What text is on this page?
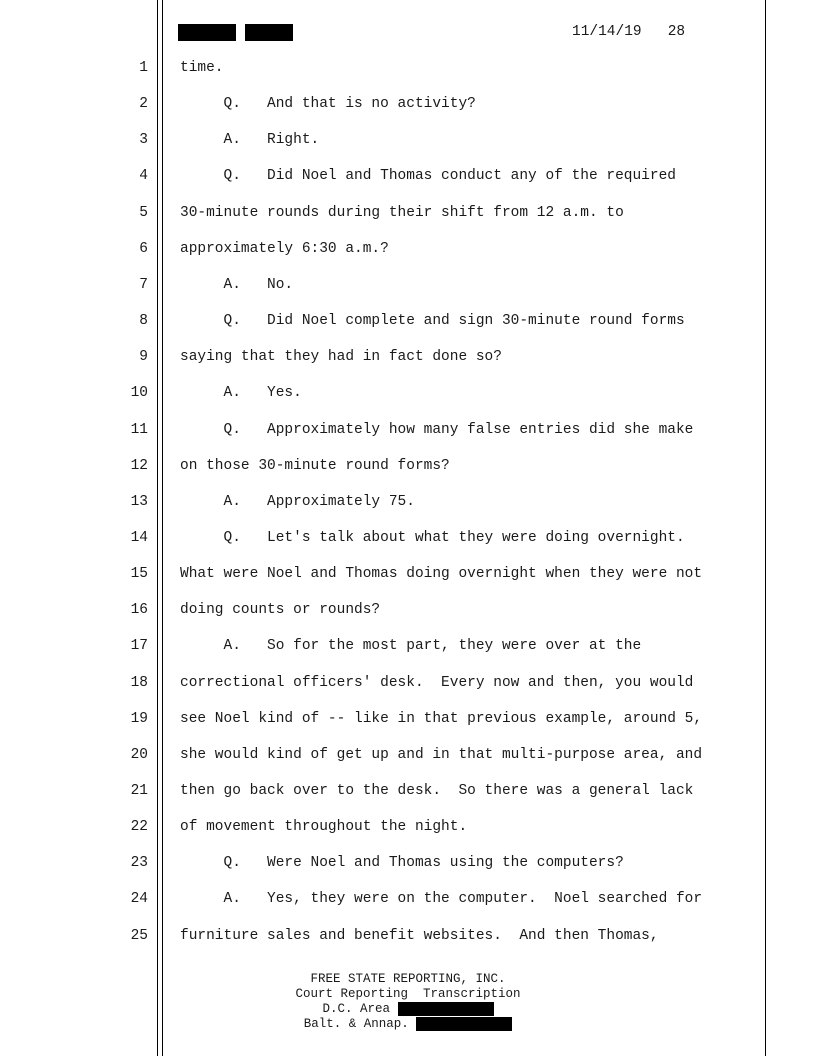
11/14/19 28
1 time.
2 Q.   And that is no activity?
3 A.   Right.
4 Q.   Did Noel and Thomas conduct any of the required
5 30-minute rounds during their shift from 12 a.m. to
6 approximately 6:30 a.m.?
7 A.   No.
8 Q.   Did Noel complete and sign 30-minute round forms
9 saying that they had in fact done so?
10 A.   Yes.
11 Q.   Approximately how many false entries did she make
12 on those 30-minute round forms?
13 A.   Approximately 75.
14 Q.   Let's talk about what they were doing overnight.
15 What were Noel and Thomas doing overnight when they were not
16 doing counts or rounds?
17 A.   So for the most part, they were over at the
18 correctional officers' desk.  Every now and then, you would
19 see Noel kind of -- like in that previous example, around 5,
20 she would kind of get up and in that multi-purpose area, and
21 then go back over to the desk.  So there was a general lack
22 of movement throughout the night.
23 Q.   Were Noel and Thomas using the computers?
24 A.   Yes, they were on the computer.  Noel searched for
25 furniture sales and benefit websites.  And then Thomas,
FREE STATE REPORTING, INC.
Court Reporting  Transcription
D.C. Area
Balt. & Annap.
